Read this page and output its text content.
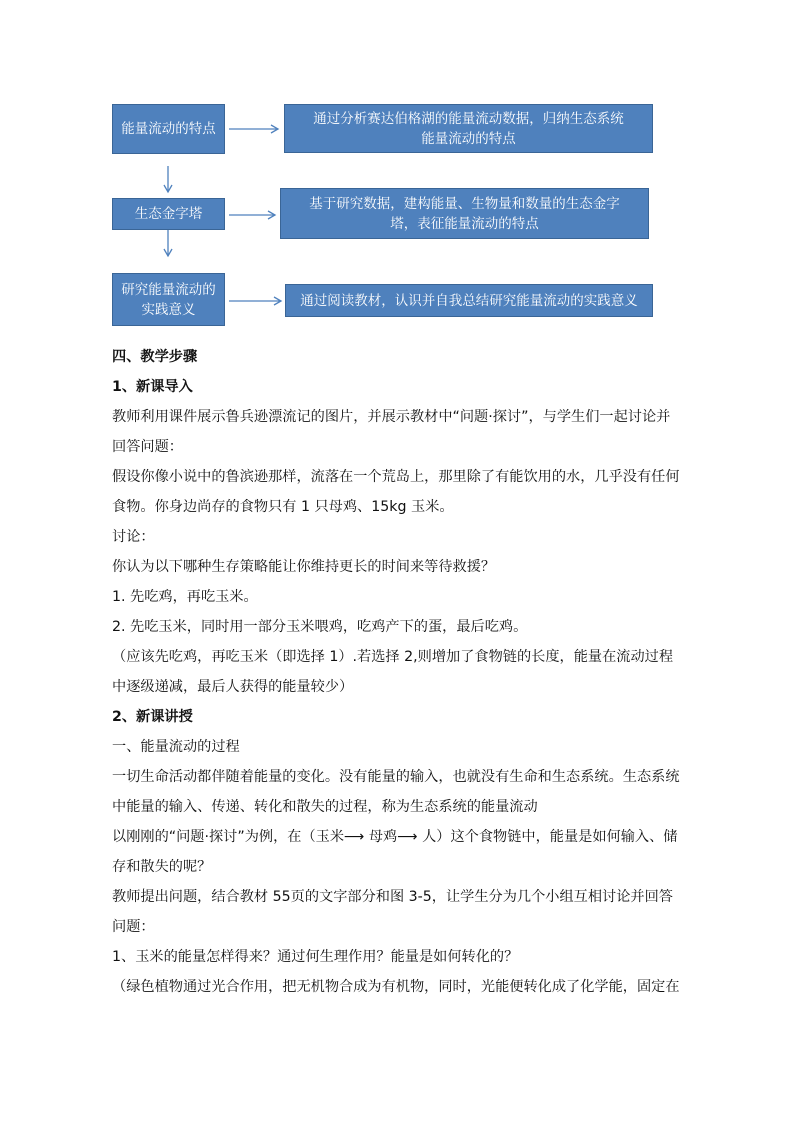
能量流动的特点
生态金字塔
研究能量流动的实践意义
通过分析赛达伯格湖的能量流动数据，归纳生态系统能量流动的特点
基于研究数据，建构能量、生物量和数量的生态金字塔，表征能量流动的特点
通过阅读教材，认识并自我总结研究能量流动的实践意义

四、教学步骤

1、新课导入

教师利用课件展示鲁兵逊漂流记的图片，并展示教材中“问题·探讨”，与学生们一起讨论并回答问题：

假设你像小说中的鲁滨逊那样，流落在一个荒岛上，那里除了有能饮用的水，几乎没有任何食物。你身边尚存的食物只有 1 只母鸡、15kg 玉米。

讨论：

你认为以下哪种生存策略能让你维持更长的时间来等待救援？

1. 先吃鸡，再吃玉米。

2. 先吃玉米，同时用一部分玉米喂鸡，吃鸡产下的蛋，最后吃鸡。

（应该先吃鸡，再吃玉米（即选择 1）.若选择 2,则增加了食物链的长度，能量在流动过程中逐级递减，最后人获得的能量较少）

2、新课讲授

一、能量流动的过程

一切生命活动都伴随着能量的变化。没有能量的输入，也就没有生命和生态系统。生态系统中能量的输入、传递、转化和散失的过程，称为生态系统的能量流动

以刚刚的“问题·探讨”为例，在（玉米⟶ 母鸡⟶ 人）这个食物链中，能量是如何输入、储存和散失的呢？

教师提出问题，结合教材 55页的文字部分和图 3-5，让学生分为几个小组互相讨论并回答问题：

1、玉米的能量怎样得来？通过何生理作用？能量是如何转化的？

（绿色植物通过光合作用，把无机物合成为有机物，同时，光能便转化成了化学能，固定在
